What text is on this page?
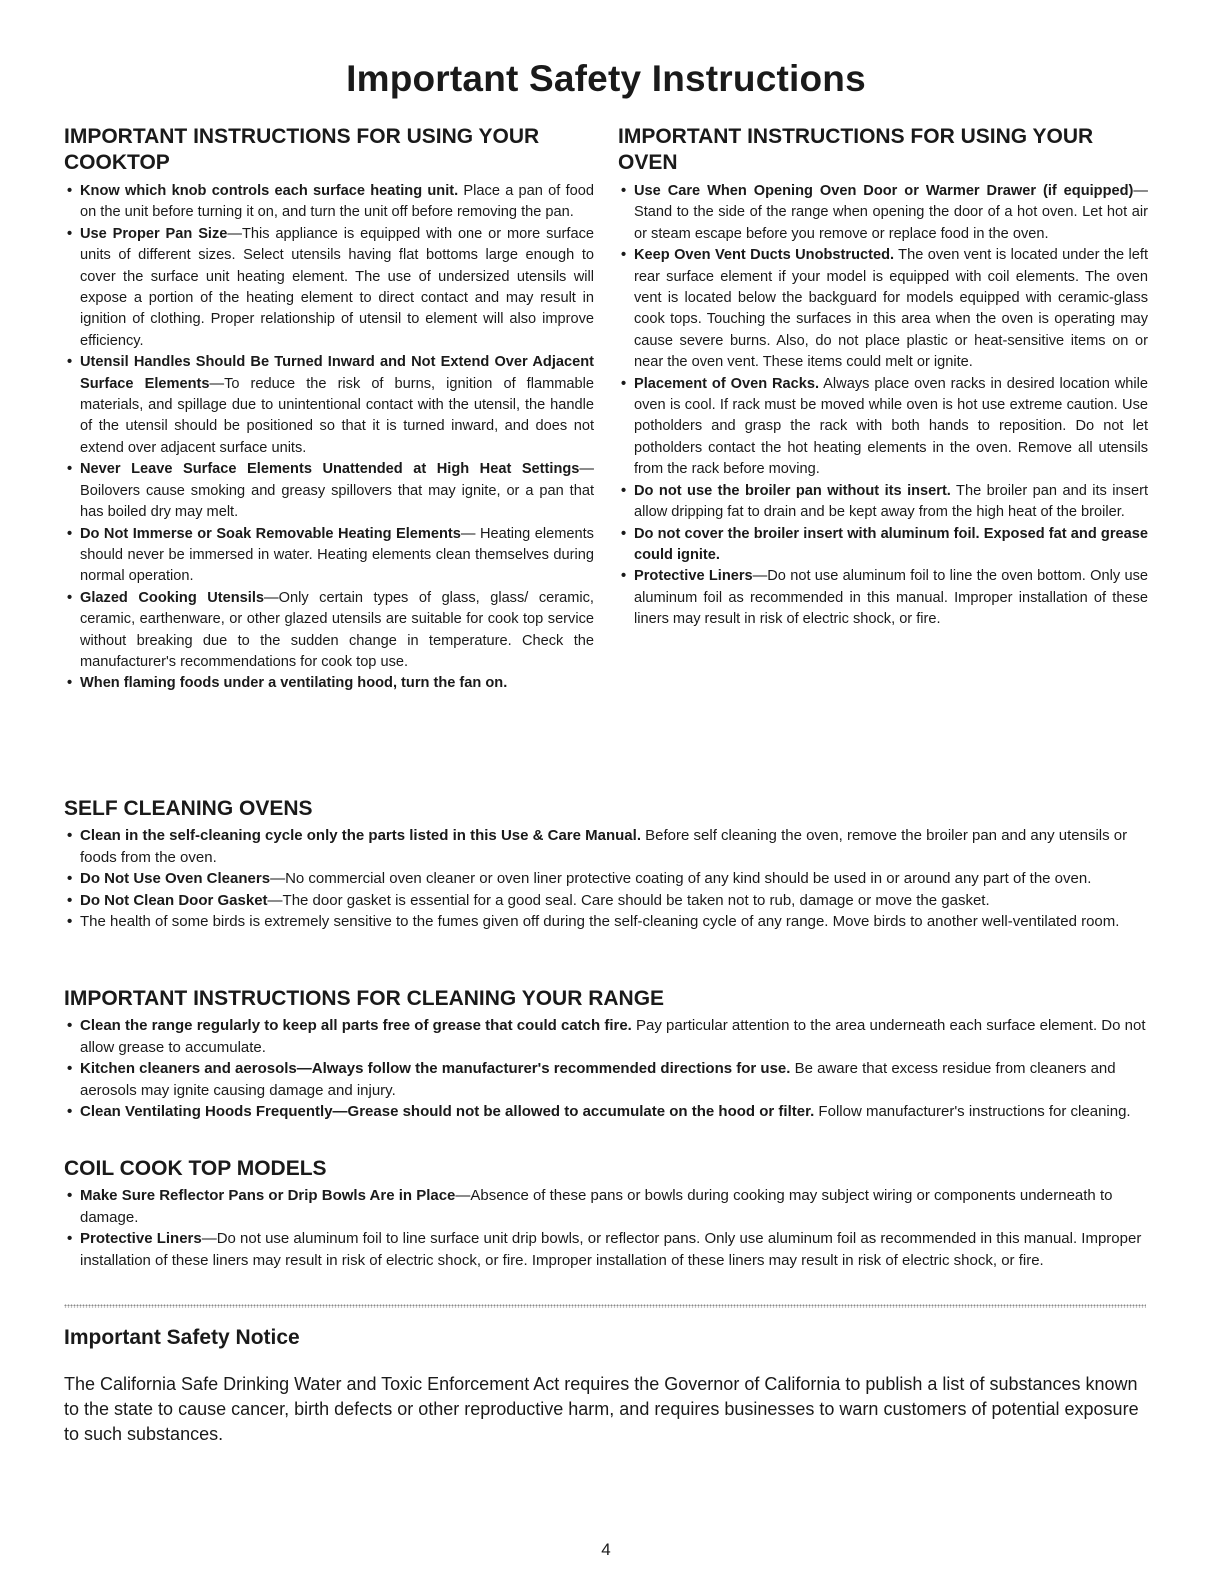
Important Safety Instructions
IMPORTANT INSTRUCTIONS FOR USING YOUR COOKTOP
• Know which knob controls each surface heating unit. Place a pan of food on the unit before turning it on, and turn the unit off before removing the pan.
• Use Proper Pan Size—This appliance is equipped with one or more surface units of different sizes. Select utensils having flat bottoms large enough to cover the surface unit heating element. The use of undersized utensils will expose a portion of the heating element to direct contact and may result in ignition of clothing. Proper relationship of utensil to element will also improve efficiency.
• Utensil Handles Should Be Turned Inward and Not Extend Over Adjacent Surface Elements—To reduce the risk of burns, ignition of flammable materials, and spillage due to unintentional contact with the utensil, the handle of the utensil should be positioned so that it is turned inward, and does not extend over adjacent surface units.
• Never Leave Surface Elements Unattended at High Heat Settings—Boilovers cause smoking and greasy spillovers that may ignite, or a pan that has boiled dry may melt.
• Do Not Immerse or Soak Removable Heating Elements— Heating elements should never be immersed in water. Heating elements clean themselves during normal operation.
• Glazed Cooking Utensils—Only certain types of glass, glass/ ceramic, ceramic, earthenware, or other glazed utensils are suitable for cook top service without breaking due to the sudden change in temperature. Check the manufacturer's recommendations for cook top use.
• When flaming foods under a ventilating hood, turn the fan on.
IMPORTANT INSTRUCTIONS FOR USING YOUR OVEN
• Use Care When Opening Oven Door or Warmer Drawer (if equipped)—Stand to the side of the range when opening the door of a hot oven. Let hot air or steam escape before you remove or replace food in the oven.
• Keep Oven Vent Ducts Unobstructed. The oven vent is located under the left rear surface element if your model is equipped with coil elements. The oven vent is located below the backguard for models equipped with ceramic-glass cook tops. Touching the surfaces in this area when the oven is operating may cause severe burns. Also, do not place plastic or heat-sensitive items on or near the oven vent. These items could melt or ignite.
• Placement of Oven Racks. Always place oven racks in desired location while oven is cool. If rack must be moved while oven is hot use extreme caution. Use potholders and grasp the rack with both hands to reposition. Do not let potholders contact the hot heating elements in the oven. Remove all utensils from the rack before moving.
• Do not use the broiler pan without its insert. The broiler pan and its insert allow dripping fat to drain and be kept away from the high heat of the broiler.
• Do not cover the broiler insert with aluminum foil. Exposed fat and grease could ignite.
• Protective Liners—Do not use aluminum foil to line the oven bottom. Only use aluminum foil as recommended in this manual. Improper installation of these liners may result in risk of electric shock, or fire.
SELF CLEANING OVENS
• Clean in the self-cleaning cycle only the parts listed in this Use & Care Manual. Before self cleaning the oven, remove the broiler pan and any utensils or foods from the oven.
• Do Not Use Oven Cleaners—No commercial oven cleaner or oven liner protective coating of any kind should be used in or around any part of the oven.
• Do Not Clean Door Gasket—The door gasket is essential for a good seal. Care should be taken not to rub, damage or move the gasket.
• The health of some birds is extremely sensitive to the fumes given off during the self-cleaning cycle of any range. Move birds to another well-ventilated room.
IMPORTANT INSTRUCTIONS FOR CLEANING YOUR RANGE
• Clean the range regularly to keep all parts free of grease that could catch fire. Pay particular attention to the area underneath each surface element. Do not allow grease to accumulate.
• Kitchen cleaners and aerosols—Always follow the manufacturer's recommended directions for use. Be aware that excess residue from cleaners and aerosols may ignite causing damage and injury.
• Clean Ventilating Hoods Frequently—Grease should not be allowed to accumulate on the hood or filter. Follow manufacturer's instructions for cleaning.
COIL COOK TOP MODELS
• Make Sure Reflector Pans or Drip Bowls Are in Place—Absence of these pans or bowls during cooking may subject wiring or components underneath to damage.
• Protective Liners—Do not use aluminum foil to line surface unit drip bowls, or reflector pans. Only use aluminum foil as recommended in this manual. Improper installation of these liners may result in risk of electric shock, or fire. Improper installation of these liners may result in risk of electric shock, or fire.
Important Safety Notice

The California Safe Drinking Water and Toxic Enforcement Act requires the Governor of California to publish a list of substances known to the state to cause cancer, birth defects or other reproductive harm, and requires businesses to warn customers of potential exposure to such substances.

4
